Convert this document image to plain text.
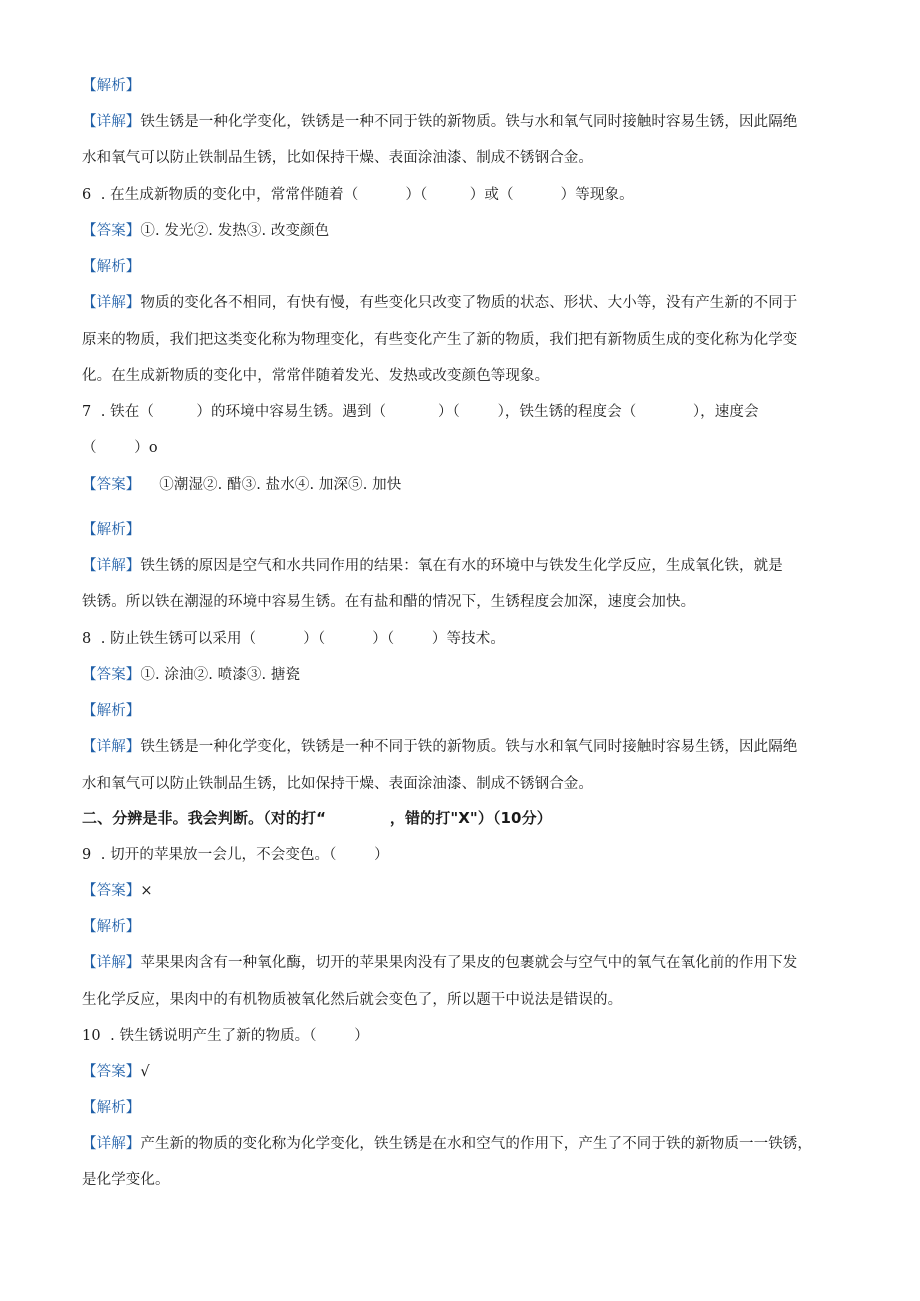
【解析】
【详解】铁生锈是一种化学变化，铁锈是一种不同于铁的新物质。铁与水和氧气同时接触时容易生锈，因此隔绝
水和氧气可以防止铁制品生锈，比如保持干燥、表面涂油漆、制成不锈钢合金。
6  . 在生成新物质的变化中，常常伴随着（          ）（         ）或（          ）等现象。
【答案】①. 发光②. 发热③. 改变颜色
【解析】
【详解】物质的变化各不相同，有快有慢，有些变化只改变了物质的状态、形状、大小等，没有产生新的不同于
原来的物质，我们把这类变化称为物理变化，有些变化产生了新的物质，我们把有新物质生成的变化称为化学变
化。在生成新物质的变化中，常常伴随着发光、发热或改变颜色等现象。
7  . 铁在（         ）的环境中容易生锈。遇到（           ）（        ），铁生锈的程度会（            ），速度会
（        ）o
【答案】    ①潮湿②. 醋③. 盐水④. 加深⑤. 加快
【解析】
【详解】铁生锈的原因是空气和水共同作用的结果：氧在有水的环境中与铁发生化学反应，生成氧化铁，就是
铁锈。所以铁在潮湿的环境中容易生锈。在有盐和醋的情况下，生锈程度会加深，速度会加快。
8  . 防止铁生锈可以采用（          ）（          ）（        ）等技术。
【答案】①. 涂油②. 喷漆③. 搪瓷
【解析】
【详解】铁生锈是一种化学变化，铁锈是一种不同于铁的新物质。铁与水和氧气同时接触时容易生锈，因此隔绝
水和氧气可以防止铁制品生锈，比如保持干燥、表面涂油漆、制成不锈钢合金。
二、分辨是非。我会判断。（对的打“            ，错的打"X"）（10分）
9  . 切开的苹果放一会儿，不会变色。（        ）
【答案】×
【解析】
【详解】苹果果肉含有一种氧化酶，切开的苹果果肉没有了果皮的包裹就会与空气中的氧气在氧化前的作用下发
生化学反应，果肉中的有机物质被氧化然后就会变色了，所以题干中说法是错误的。
10  . 铁生锈说明产生了新的物质。（        ）
【答案】√
【解析】
【详解】产生新的物质的变化称为化学变化，铁生锈是在水和空气的作用下，产生了不同于铁的新物质一一铁锈，
是化学变化。
